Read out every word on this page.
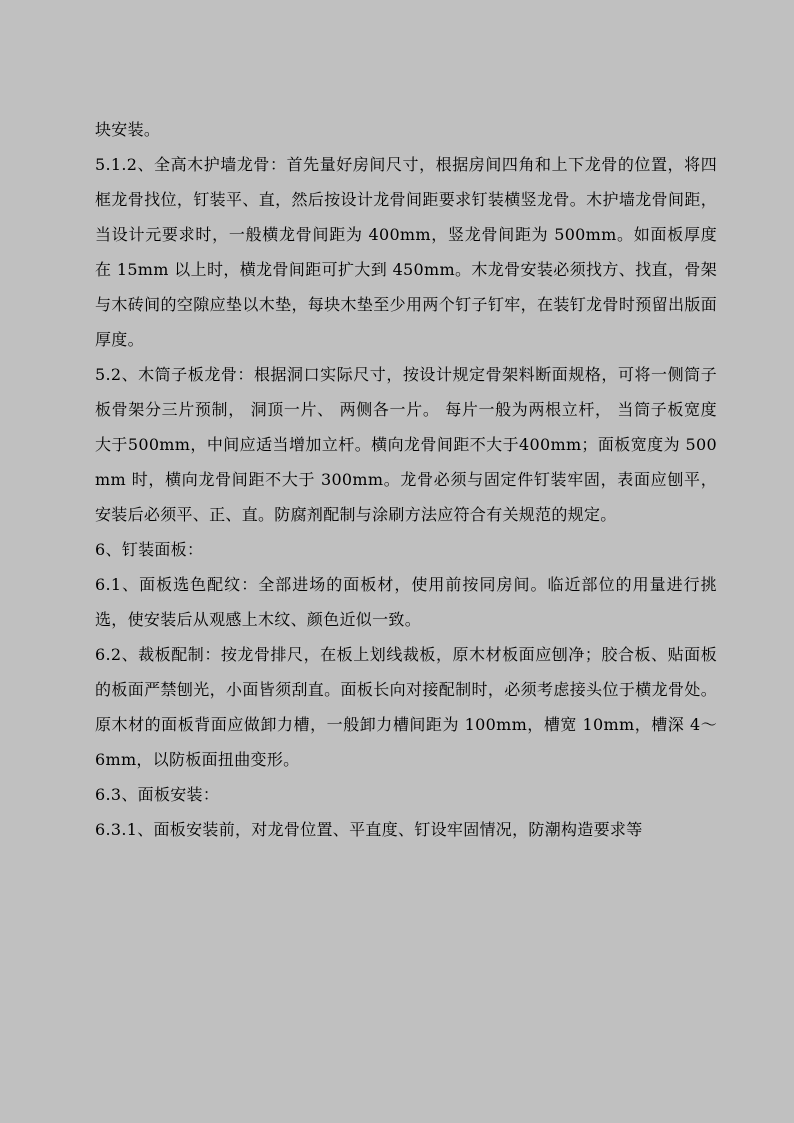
块安装。

5.1.2、全高木护墙龙骨：首先量好房间尺寸，根据房间四角和上下龙骨的位置，将四框龙骨找位，钉装平、直，然后按设计龙骨间距要求钉装横竖龙骨。木护墙龙骨间距，当设计元要求时，一般横龙骨间距为 400mm，竖龙骨间距为 500mm。如面板厚度在 15mm 以上时，横龙骨间距可扩大到 450mm。木龙骨安装必须找方、找直，骨架与木砖间的空隙应垫以木垫，每块木垫至少用两个钉子钉牢，在装钉龙骨时预留出版面厚度。

5.2、木筒子板龙骨：根据洞口实际尺寸，按设计规定骨架料断面规格，可将一侧筒子板骨架分三片预制， 洞顶一片、 两侧各一片。 每片一般为两根立杆， 当筒子板宽度大于500mm，中间应适当增加立杆。横向龙骨间距不大于400mm；面板宽度为 500mm 时，横向龙骨间距不大于 300mm。龙骨必须与固定件钉装牢固，表面应刨平，安装后必须平、正、直。防腐剂配制与涂刷方法应符合有关规范的规定。

6、钉装面板：

6.1、面板选色配纹：全部进场的面板材，使用前按同房间。临近部位的用量进行挑选，使安装后从观感上木纹、颜色近似一致。

6.2、裁板配制：按龙骨排尺，在板上划线裁板，原木材板面应刨净；胶合板、贴面板的板面严禁刨光，小面皆须刮直。面板长向对接配制时，必须考虑接头位于横龙骨处。原木材的面板背面应做卸力槽，一般卸力槽间距为 100mm，槽宽 10mm，槽深 4～6mm，以防板面扭曲变形。

6.3、面板安装：

6.3.1、面板安装前，对龙骨位置、平直度、钉设牢固情况，防潮构造要求等
